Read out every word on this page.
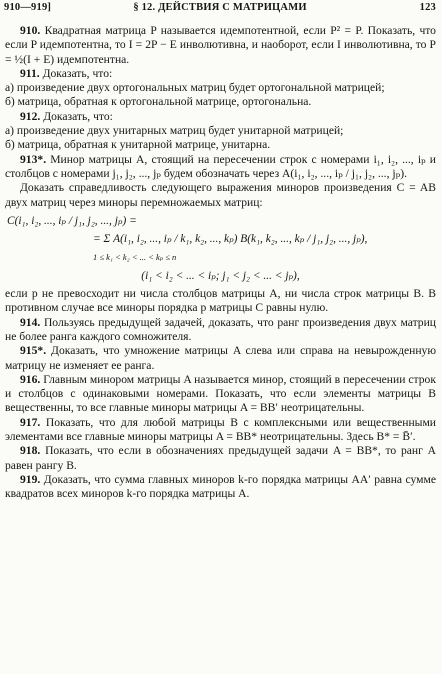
910—919]	§ 12. ДЕЙСТВИЯ С МАТРИЦАМИ	123

910. Квадратная матрица P называется идемпотентной, если P² = P. Показать, что если P идемпотентна, то I = 2P − E инволютивна, и наоборот, если I инволютивна, то P = ½(I + E) идемпотентна.

911. Доказать, что:

а) произведение двух ортогональных матриц будет ортогональной матрицей;

б) матрица, обратная к ортогональной матрице, ортогональна.

912. Доказать, что:

а) произведение двух унитарных матриц будет унитарной матрицей;

б) матрица, обратная к унитарной матрице, унитарна.

913*. Минор матрицы A, стоящий на пересечении строк с номерами i₁, i₂, ..., iₚ и столбцов с номерами j₁, j₂, ..., jₚ будем обозначать через A(i₁, i₂, ..., iₚ / j₁, j₂, ..., jₚ).

Доказать справедливость следующего выражения миноров произведения C = AB двух матриц через миноры перемножаемых матриц:

C(i₁, i₂, ..., iₚ / j₁, j₂, ..., jₚ) =
= Σ A(i₁, i₂, ..., iₚ / k₁, k₂, ..., kₚ) B(k₁, k₂, ..., kₚ / j₁, j₂, ..., jₚ),
1 ≤ k₁ < k₂ < ... < kₚ ≤ n
(i₁ < i₂ < ... < iₚ; j₁ < j₂ < ... < jₚ),

если p не превосходит ни числа столбцов матрицы A, ни числа строк матрицы B. В противном случае все миноры порядка p матрицы C равны нулю.

914. Пользуясь предыдущей задачей, доказать, что ранг произведения двух матриц не более ранга каждого сомножителя.

915*. Доказать, что умножение матрицы A слева или справа на невырожденную матрицу не изменяет ее ранга.

916. Главным минором матрицы A называется минор, стоящий в пересечении строк и столбцов с одинаковыми номерами. Показать, что если элементы матрицы B вещественны, то все главные миноры матрицы A = BB′ неотрицательны.

917. Показать, что для любой матрицы B с комплексными или вещественными элементами все главные миноры матрицы A = BB* неотрицательны. Здесь B* = B̄′.

918. Показать, что если в обозначениях предыдущей задачи A = BB*, то ранг A равен рангу B.

919. Доказать, что сумма главных миноров k-го порядка матрицы AA′ равна сумме квадратов всех миноров k-го порядка матрицы A.
